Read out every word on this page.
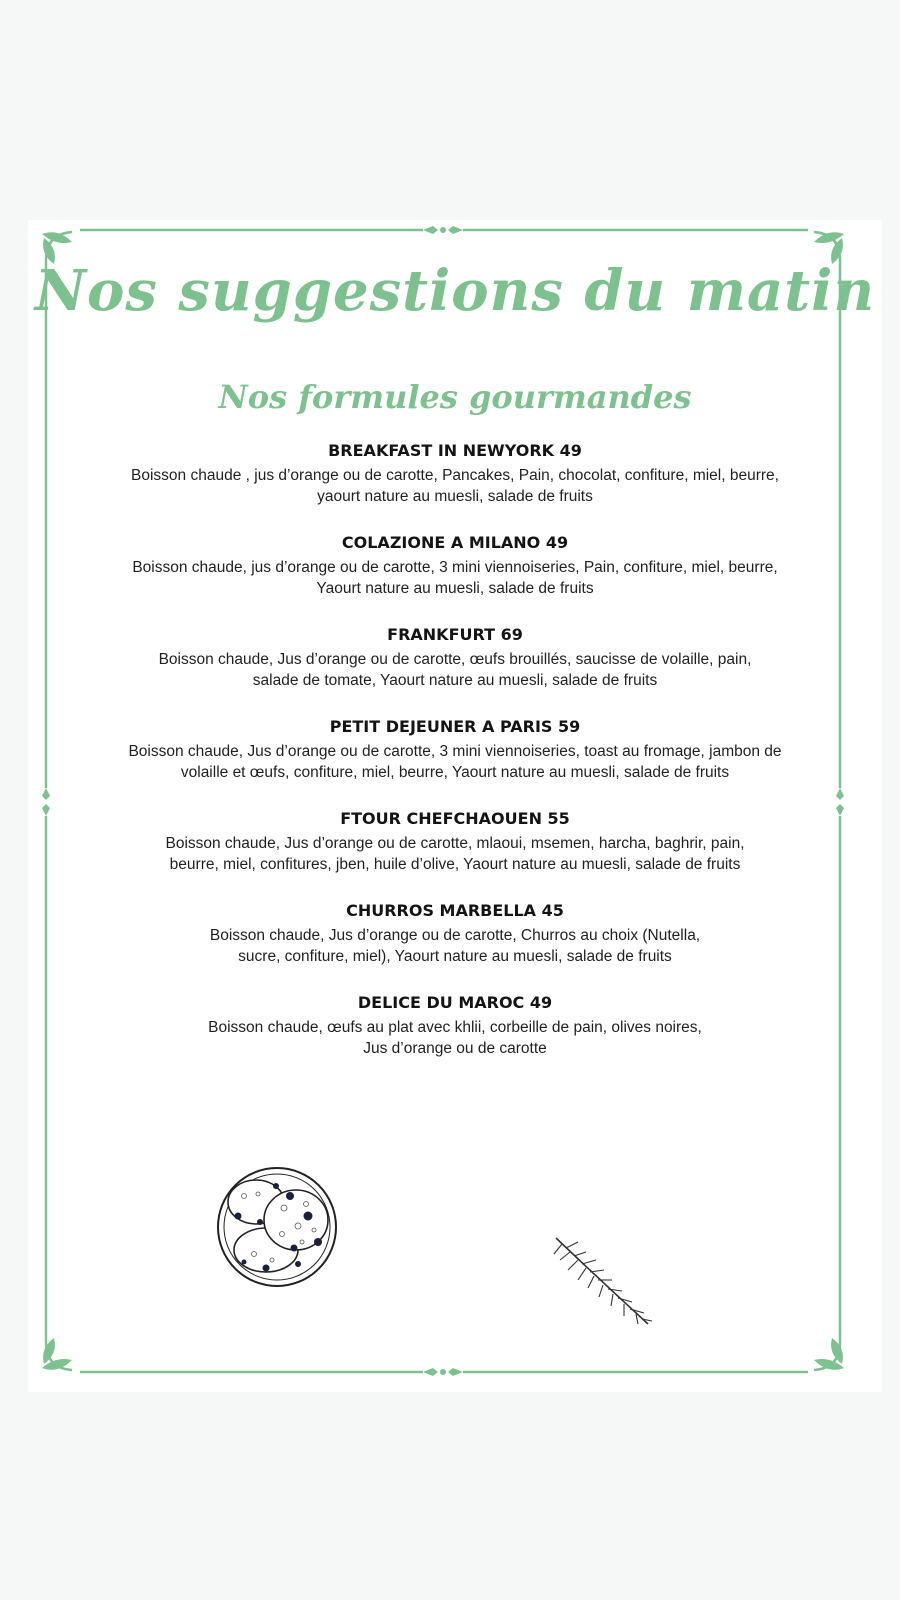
Nos suggestions du matin
Nos formules gourmandes
BREAKFAST IN NEWYORK 49
Boisson chaude , jus d’orange ou de carotte, Pancakes, Pain, chocolat, confiture, miel, beurre,
yaourt nature au muesli, salade de fruits
COLAZIONE A MILANO 49
Boisson chaude, jus d’orange ou de carotte, 3 mini viennoiseries, Pain, confiture, miel, beurre,
Yaourt nature au muesli, salade de fruits
FRANKFURT 69
Boisson chaude, Jus d’orange ou de carotte, œufs brouillés, saucisse de volaille, pain,
salade de tomate, Yaourt nature au muesli, salade de fruits
PETIT DEJEUNER A PARIS 59
Boisson chaude, Jus d’orange ou de carotte, 3 mini viennoiseries, toast au fromage, jambon de
volaille et œufs, confiture, miel, beurre, Yaourt nature au muesli, salade de fruits
FTOUR CHEFCHAOUEN 55
Boisson chaude, Jus d’orange ou de carotte, mlaoui, msemen, harcha, baghrir, pain,
beurre, miel, confitures, jben, huile d’olive, Yaourt nature au muesli, salade de fruits
CHURROS MARBELLA 45
Boisson chaude, Jus d’orange ou de carotte, Churros au choix (Nutella,
sucre, confiture, miel), Yaourt nature au muesli, salade de fruits
DELICE DU MAROC 49
Boisson chaude, œufs au plat avec khlii, corbeille de pain, olives noires,
Jus d’orange ou de carotte
